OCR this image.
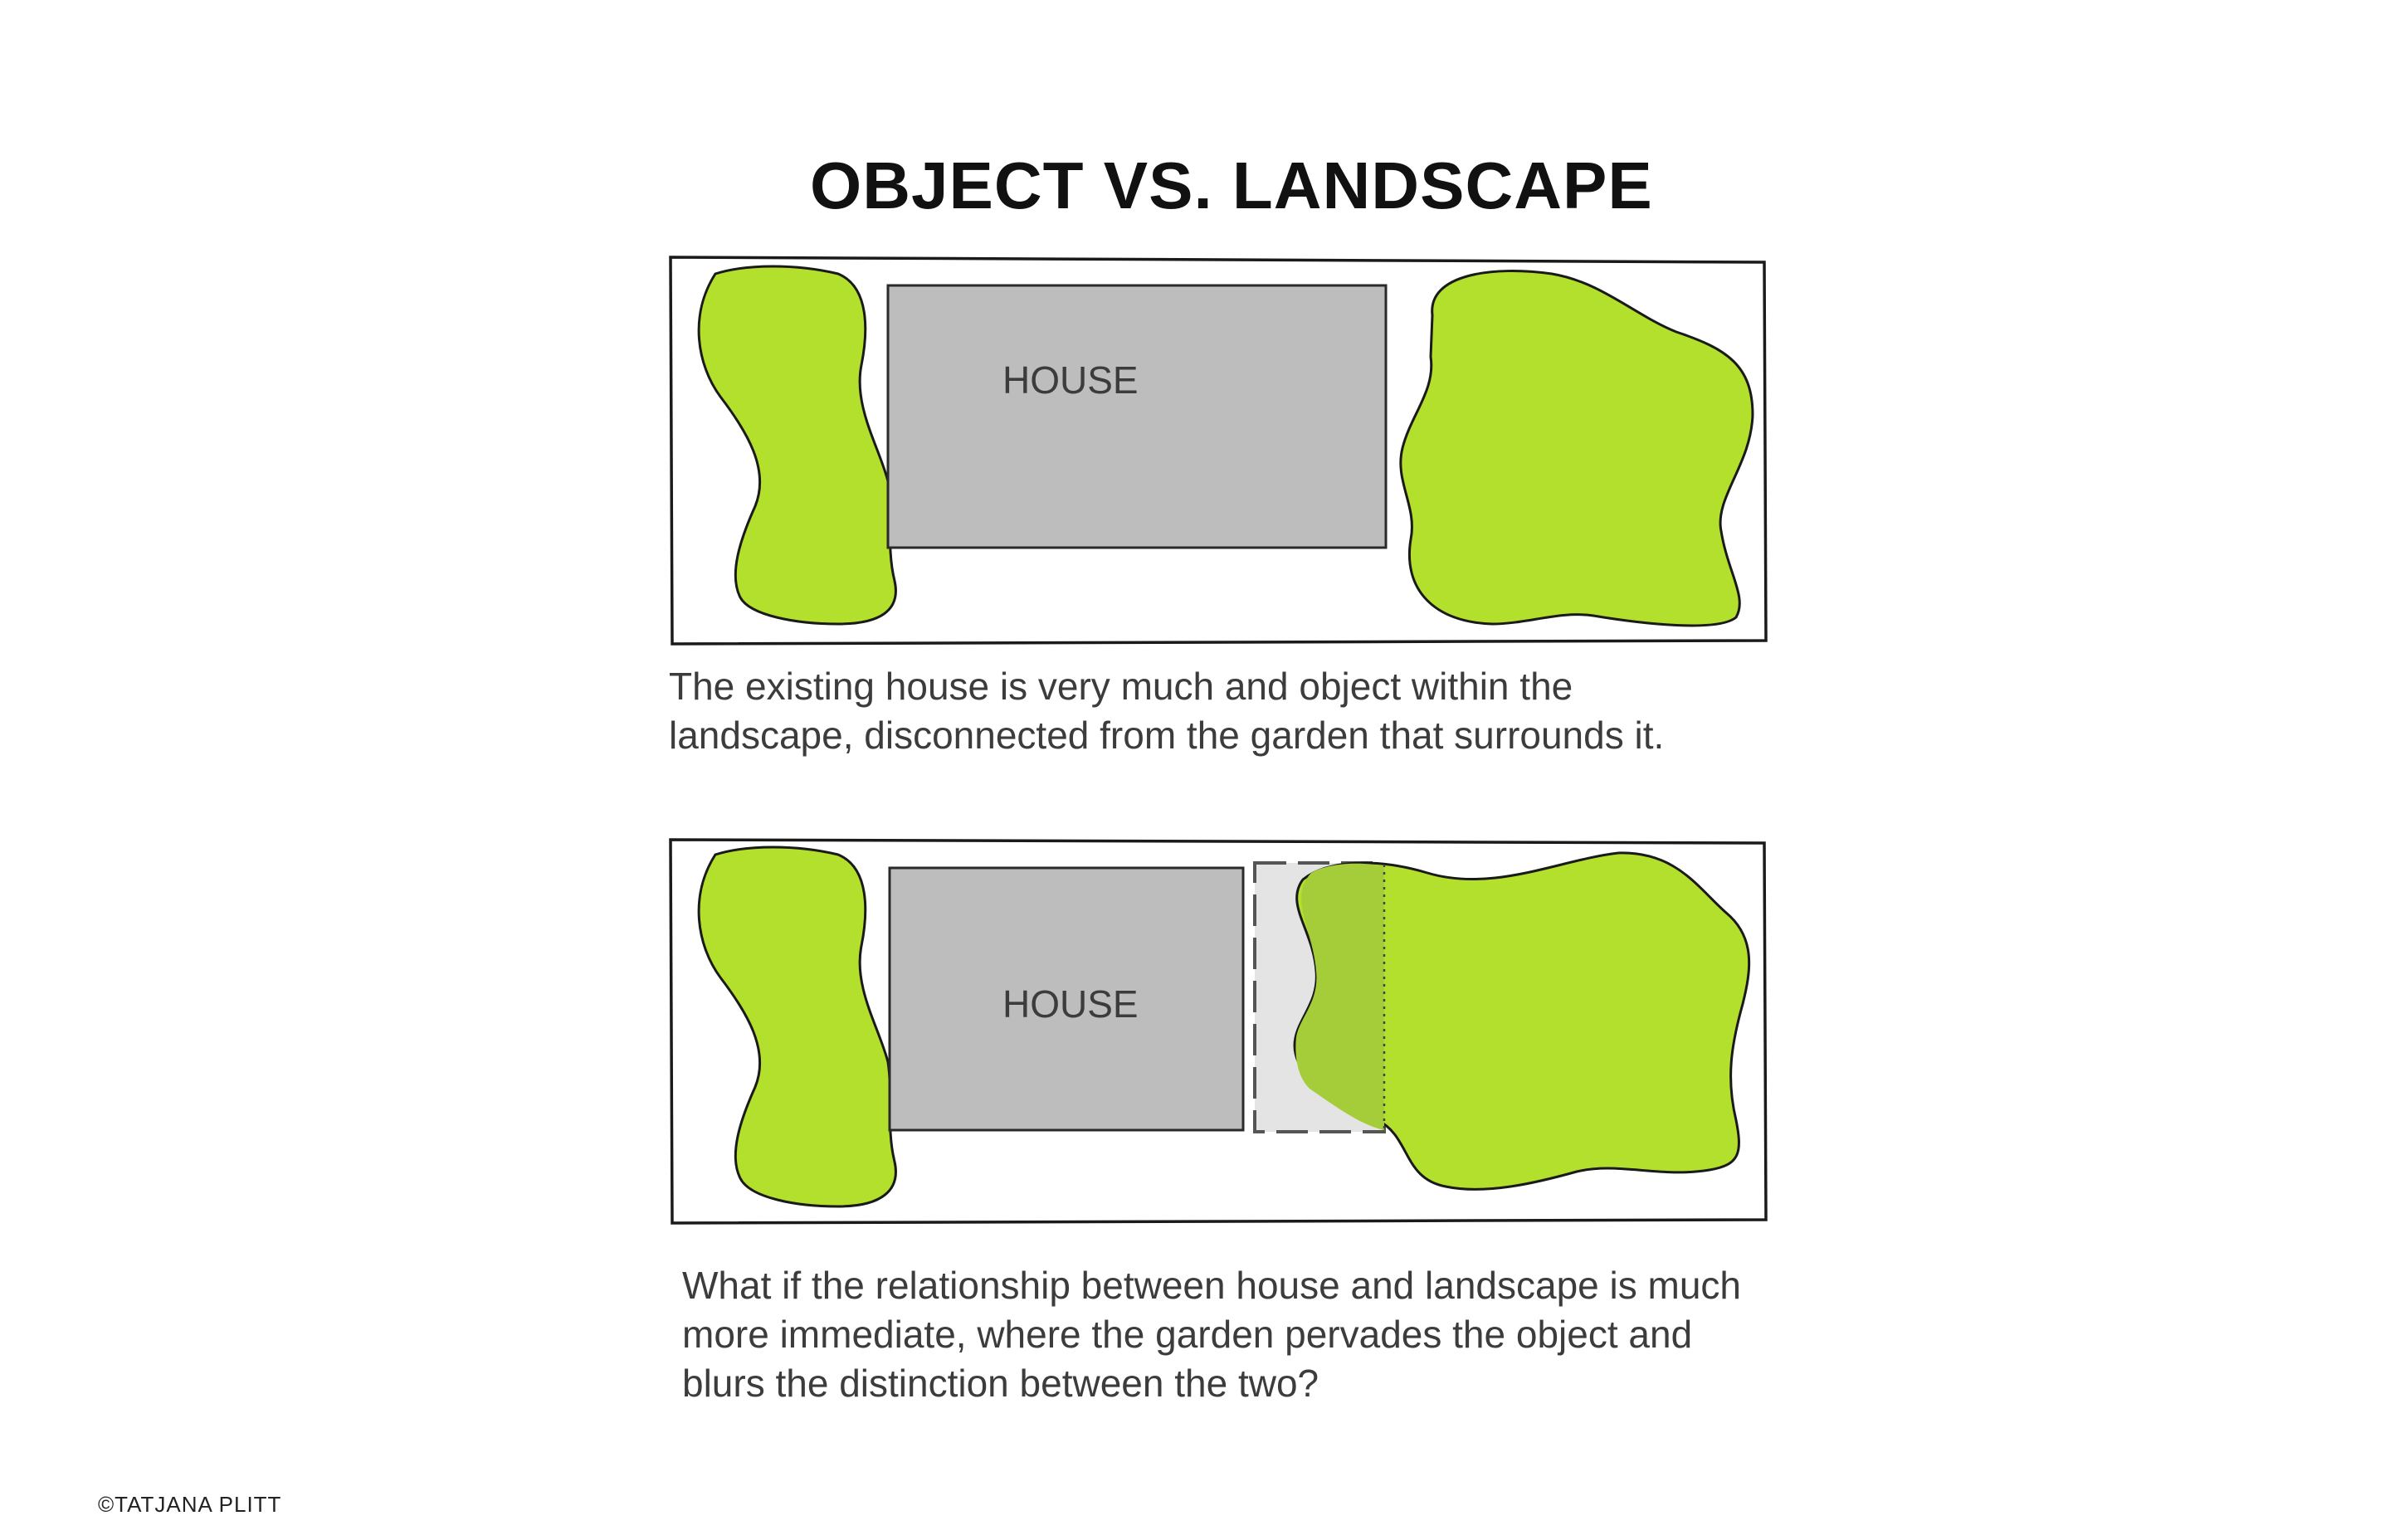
OBJECT VS. LANDSCAPE
HOUSE

The existing house is very much and object within the
landscape, disconnected from the garden that surrounds it.

HOUSE

What if the relationship between house and landscape is much
more immediate, where the garden pervades the object and
blurs the distinction between the two?

©TATJANA PLITT
